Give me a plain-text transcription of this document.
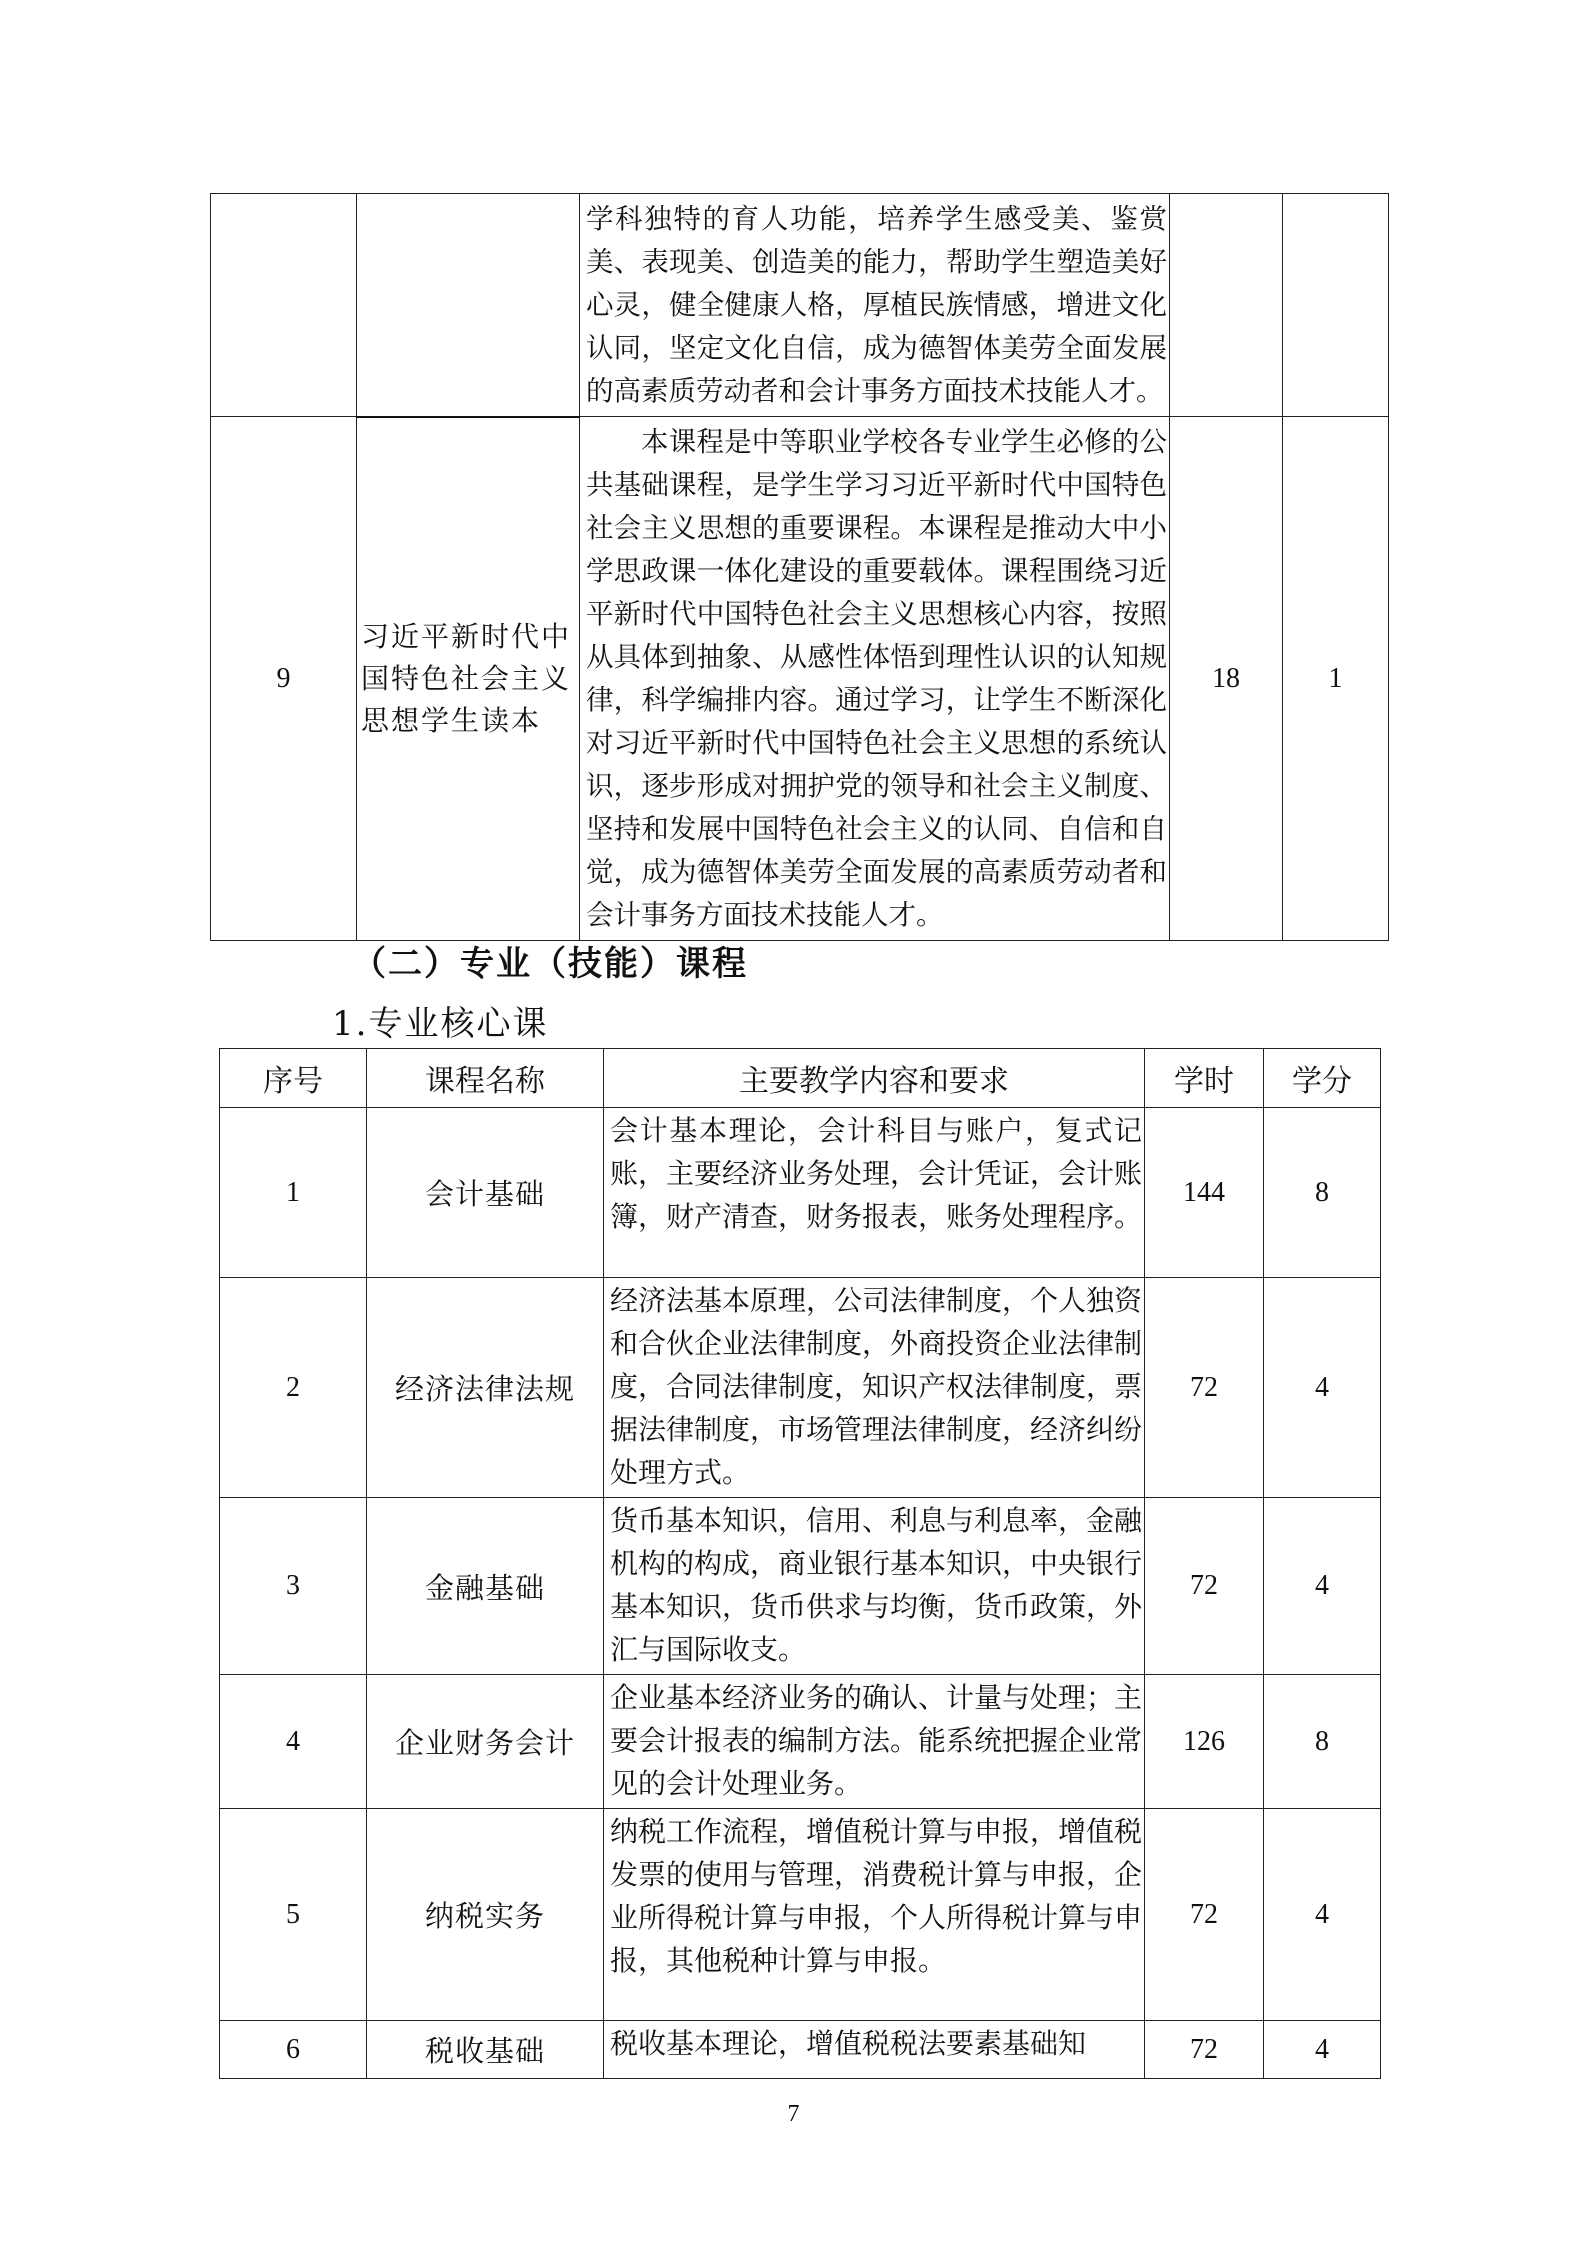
		学科独特的育人功能，培养学生感受美、鉴赏美、表现美、创造美的能力，帮助学生塑造美好心灵，健全健康人格，厚植民族情感，增进文化认同，坚定文化自信，成为德智体美劳全面发展的高素质劳动者和会计事务方面技术技能人才。		
9	习近平新时代中国特色社会主义思想学生读本	本课程是中等职业学校各专业学生必修的公共基础课程，是学生学习习近平新时代中国特色社会主义思想的重要课程。本课程是推动大中小学思政课一体化建设的重要载体。课程围绕习近平新时代中国特色社会主义思想核心内容，按照从具体到抽象、从感性体悟到理性认识的认知规律，科学编排内容。通过学习，让学生不断深化对习近平新时代中国特色社会主义思想的系统认识，逐步形成对拥护党的领导和社会主义制度、坚持和发展中国特色社会主义的认同、自信和自觉，成为德智体美劳全面发展的高素质劳动者和会计事务方面技术技能人才。	18	1
（二）专业（技能）课程
1.专业核心课
序号	课程名称	主要教学内容和要求	学时	学分
1	会计基础	会计基本理论，会计科目与账户，复式记账，主要经济业务处理，会计凭证，会计账簿，财产清查，财务报表，账务处理程序。	144	8
2	经济法律法规	经济法基本原理，公司法律制度，个人独资和合伙企业法律制度，外商投资企业法律制度，合同法律制度，知识产权法律制度，票据法律制度，市场管理法律制度，经济纠纷处理方式。	72	4
3	金融基础	货币基本知识，信用、利息与利息率，金融机构的构成，商业银行基本知识，中央银行基本知识，货币供求与均衡，货币政策，外汇与国际收支。	72	4
4	企业财务会计	企业基本经济业务的确认、计量与处理；主要会计报表的编制方法。能系统把握企业常见的会计处理业务。	126	8
5	纳税实务	纳税工作流程，增值税计算与申报，增值税发票的使用与管理，消费税计算与申报，企业所得税计算与申报，个人所得税计算与申报，其他税种计算与申报。	72	4
6	税收基础	税收基本理论，增值税税法要素基础知	72	4
7
